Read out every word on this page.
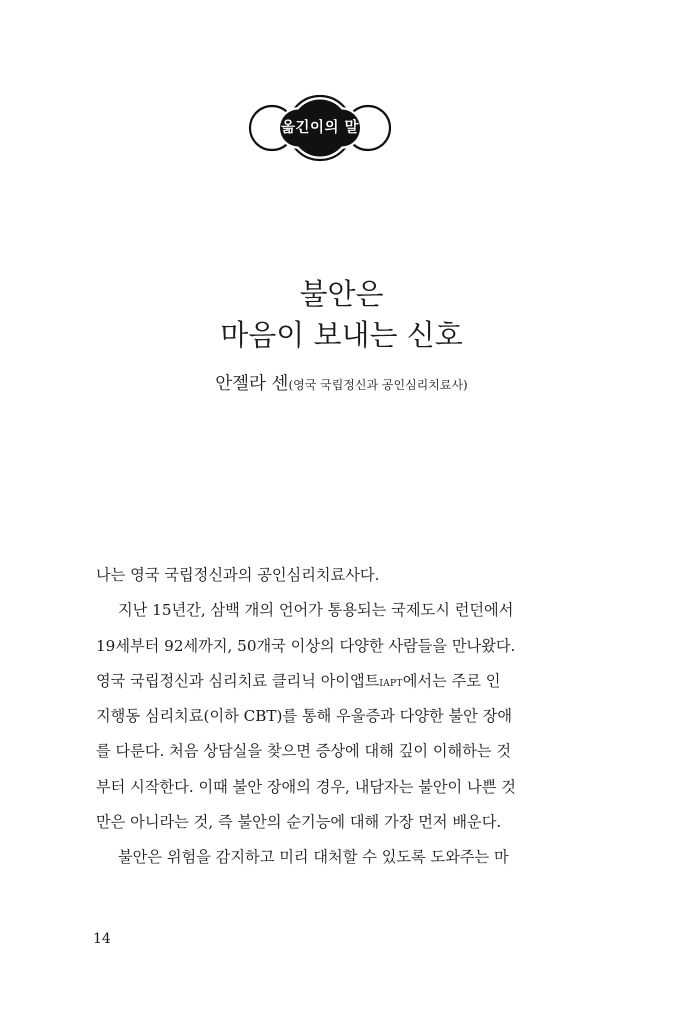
옮긴이의 말
불안은
마음이 보내는 신호
안젤라 센(영국 국립정신과 공인심리치료사)
나는 영국 국립정신과의 공인심리치료사다.
지난 15년간, 삼백 개의 언어가 통용되는 국제도시 런던에서
19세부터 92세까지, 50개국 이상의 다양한 사람들을 만나왔다.
영국 국립정신과 심리치료 클리닉 아이앱트IAPT에서는 주로 인
지행동 심리치료(이하 CBT)를 통해 우울증과 다양한 불안 장애
를 다룬다. 처음 상담실을 찾으면 증상에 대해 깊이 이해하는 것
부터 시작한다. 이때 불안 장애의 경우, 내담자는 불안이 나쁜 것
만은 아니라는 것, 즉 불안의 순기능에 대해 가장 먼저 배운다.
불안은 위험을 감지하고 미리 대처할 수 있도록 도와주는 마
14
